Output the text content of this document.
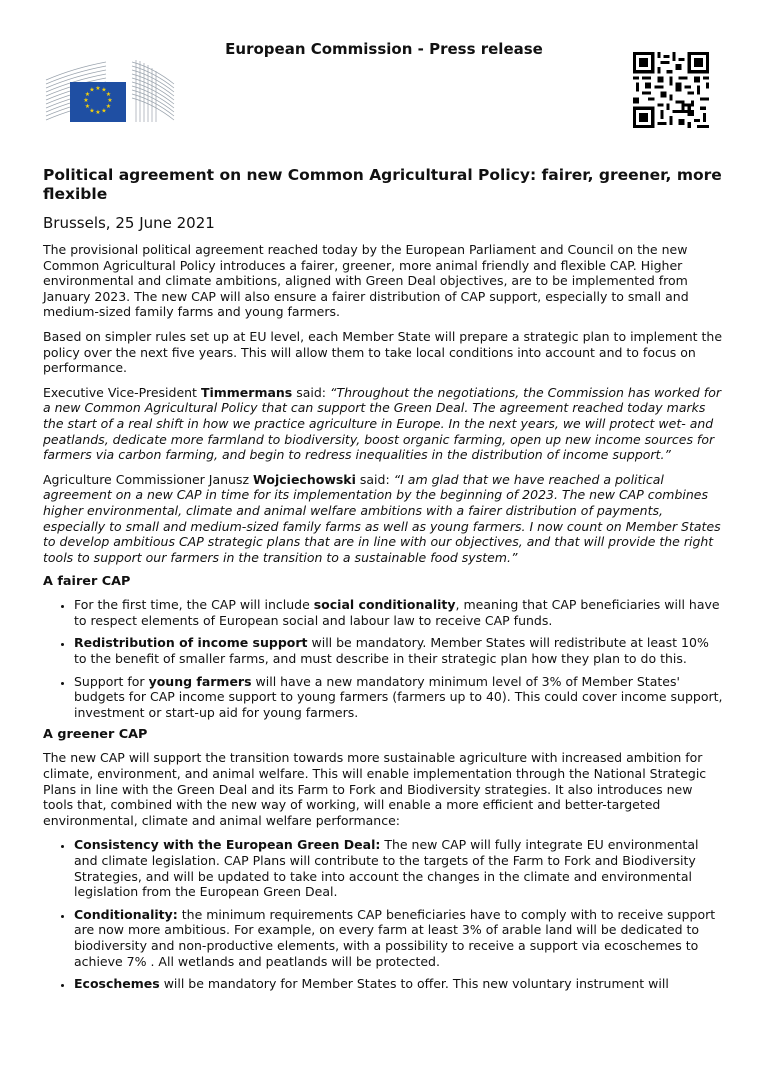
European Commission - Press release
★ ★
★
★
★
★
★
★
★
★
★
★
Political agreement on new Common Agricultural Policy: fairer, greener, more flexible
Brussels, 25 June 2021

The provisional political agreement reached today by the European Parliament and Council on the new Common Agricultural Policy introduces a fairer, greener, more animal friendly and flexible CAP. Higher environmental and climate ambitions, aligned with Green Deal objectives, are to be implemented from January 2023. The new CAP will also ensure a fairer distribution of CAP support, especially to small and medium-sized family farms and young farmers.

Based on simpler rules set up at EU level, each Member State will prepare a strategic plan to implement the policy over the next five years. This will allow them to take local conditions into account and to focus on performance.

Executive Vice-President Timmermans said: “Throughout the negotiations, the Commission has worked for a new Common Agricultural Policy that can support the Green Deal. The agreement reached today marks the start of a real shift in how we practice agriculture in Europe. In the next years, we will protect wet- and peatlands, dedicate more farmland to biodiversity, boost organic farming, open up new income sources for farmers via carbon farming, and begin to redress inequalities in the distribution of income support.”

Agriculture Commissioner Janusz Wojciechowski said: “I am glad that we have reached a political agreement on a new CAP in time for its implementation by the beginning of 2023. The new CAP combines higher environmental, climate and animal welfare ambitions with a fairer distribution of payments, especially to small and medium-sized family farms as well as young farmers. I now count on Member States to develop ambitious CAP strategic plans that are in line with our objectives, and that will provide the right tools to support our farmers in the transition to a sustainable food system.”

A fairer CAP
• For the first time, the CAP will include social conditionality, meaning that CAP beneficiaries will have to respect elements of European social and labour law to receive CAP funds.
• Redistribution of income support will be mandatory. Member States will redistribute at least 10% to the benefit of smaller farms, and must describe in their strategic plan how they plan to do this.
• Support for young farmers will have a new mandatory minimum level of 3% of Member States' budgets for CAP income support to young farmers (farmers up to 40). This could cover income support, investment or start-up aid for young farmers.
A greener CAP

The new CAP will support the transition towards more sustainable agriculture with increased ambition for climate, environment, and animal welfare. This will enable implementation through the National Strategic Plans in line with the Green Deal and its Farm to Fork and Biodiversity strategies. It also introduces new tools that, combined with the new way of working, will enable a more efficient and better-targeted environmental, climate and animal welfare performance:

• Consistency with the European Green Deal: The new CAP will fully integrate EU environmental and climate legislation. CAP Plans will contribute to the targets of the Farm to Fork and Biodiversity Strategies, and will be updated to take into account the changes in the climate and environmental legislation from the European Green Deal.
• Conditionality: the minimum requirements CAP beneficiaries have to comply with to receive support are now more ambitious. For example, on every farm at least 3% of arable land will be dedicated to biodiversity and non-productive elements, with a possibility to receive a support via ecoschemes to achieve 7% . All wetlands and peatlands will be protected.
• Ecoschemes will be mandatory for Member States to offer. This new voluntary instrument will
